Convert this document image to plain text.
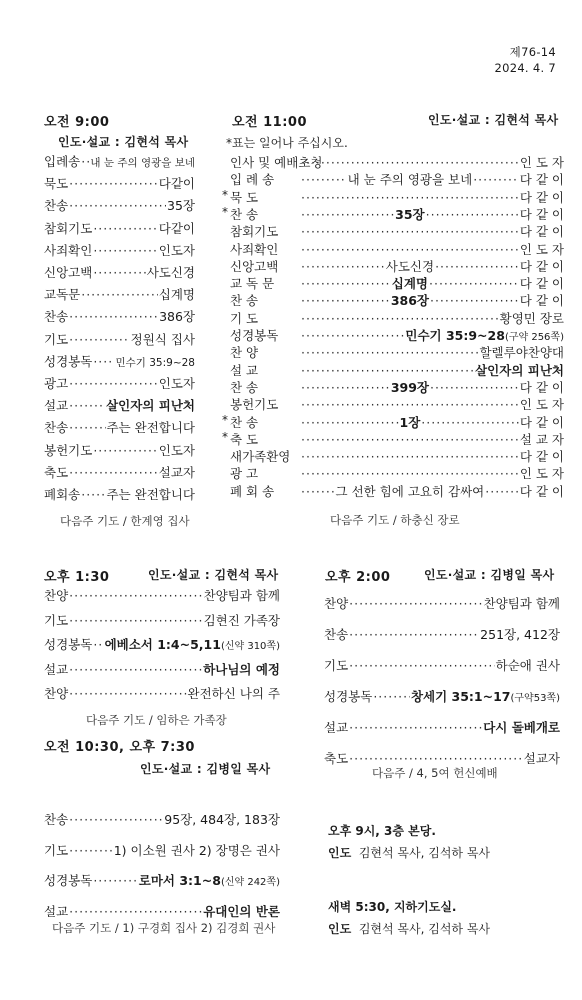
제76-14
2024. 4. 7
오전 9:00
인도·설교 : 김현석 목사
입례송 ····· 내 눈 주의 영광을 보네
묵도 ·····	다같이
찬송 ·····	35장
참회기도 ·····	다같이
사죄확인 ·····	인도자
신앙고백 ·····	사도신경
교독문 ·····	십계명
찬송 ·····	386장
기도 ·····	정원식 집사
성경봉독 ····· 민수기 35:9~28
광고 ·····	인도자
설교 ·····	살인자의 피난처
찬송 ·····	주는 완전합니다
봉헌기도 ·····	인도자
축도 ·····	설교자
폐회송 ····· 주는 완전합니다
다음주 기도 / 한계영 집사
오전 11:00	인도·설교 : 김현석 목사
*표는 일어나 주십시오.
인사 및 예배초청 ·····	인 도 자
입 례 송 ·····	내 눈 주의 영광을 보네 ·····	다 같 이
* 묵 도 ·····	다 같 이
* 찬 송 ·····	35장 ·····	다 같 이
참회기도 ·····	다 같 이
사죄확인 ·····	인 도 자
신앙고백 ·····	사도신경 ·····	다 같 이
교 독 문 ·····	십계명 ·····	다 같 이
찬 송 ·····	386장 ·····	다 같 이
기 도 ·····	황영민 장로
성경봉독 ·····	민수기 35:9~28 (구약 256쪽)
찬 양 ·····	할렐루야찬양대
설 교 ·····	살인자의 피난처
찬 송 ·····	399장 ·····	다 같 이
봉헌기도 ·····	인 도 자
* 찬 송 ·····	1장 ·····	다 같 이
* 축 도 ·····	설 교 자
새가족환영 ·····	다 같 이
광 고 ·····	인 도 자
폐 회 송 ·····	그 선한 힘에 고요히 감싸여 ·····	다 같 이
다음주 기도 / 하충신 장로
오후 1:30	인도·설교 : 김현석 목사
찬양 ·····	찬양팀과 함께
기도 ·····	김현진 가족장
성경봉독 ····· 에베소서 1:4~5,11 (신약 310쪽)
설교 ·····	하나님의 예정
찬양 ·····	완전하신 나의 주
다음주 기도 / 임하은 가족장
오후 2:00	인도·설교 : 김병일 목사
찬양 ·····	찬양팀과 함께
찬송 ·····	251장, 412장
기도 ·····	하순애 권사
성경봉독 ·····	창세기 35:1~17 (구약53쪽)
설교 ·····	다시 돌베개로
축도 ·····	설교자
다음주 / 4, 5여 헌신예배
오전 10:30, 오후 7:30
인도·설교 : 김병일 목사
찬송 ·····	95장, 484장, 183장
기도 ·····	1) 이소원 권사 2) 장명은 권사
성경봉독 ·····	로마서 3:1~8 (신약 242쪽)
설교 ·····	유대인의 반론
다음주 기도 / 1) 구경희 집사 2) 김경희 권사
오후 9시, 3층 본당.
인도 김현석 목사, 김석하 목사
새벽 5:30, 지하기도실.
인도 김현석 목사, 김석하 목사
